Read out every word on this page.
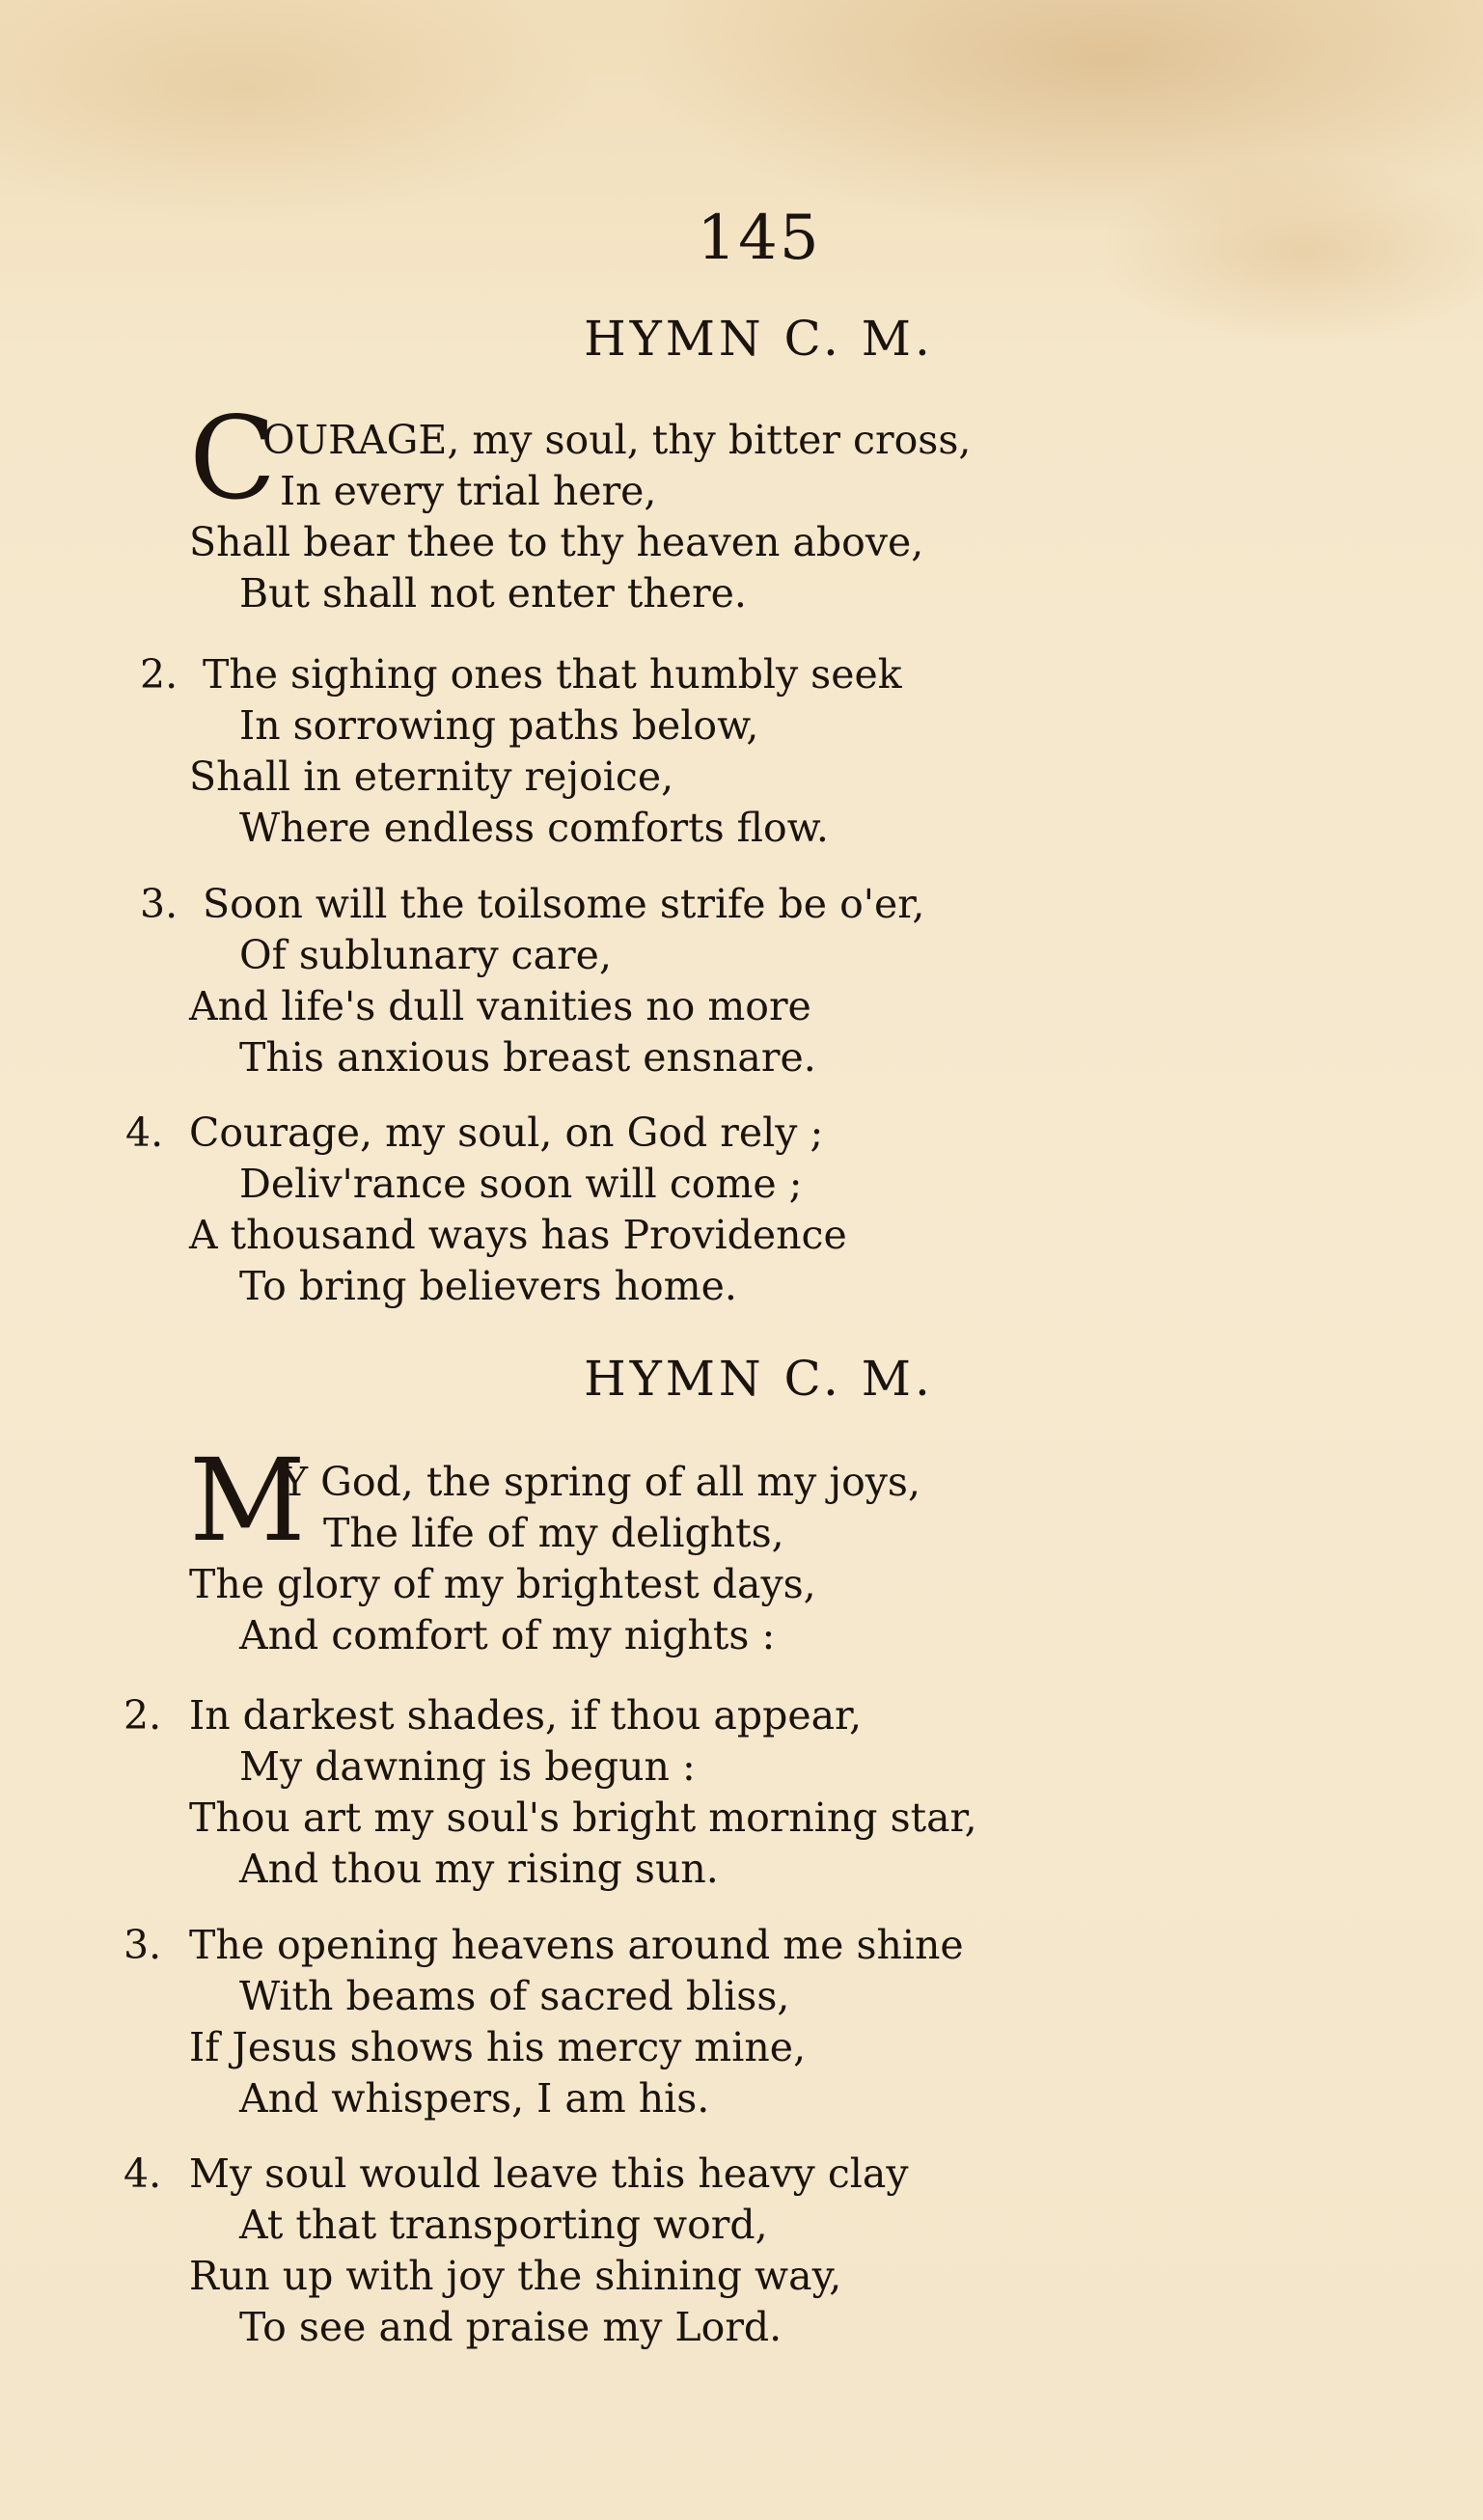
145
HYMN C. M.
C
OURAGE, my soul, thy bitter cross,
In every trial here,
Shall bear thee to thy heaven above,
But shall not enter there.
2. The sighing ones that humbly seek
In sorrowing paths below,
Shall in eternity rejoice,
Where endless comforts flow.
3. Soon will the toilsome strife be o'er,
Of sublunary care,
And life's dull vanities no more
This anxious breast ensnare.
4. Courage, my soul, on God rely ;
Deliv'rance soon will come ;
A thousand ways has Providence
To bring believers home.
HYMN C. M.
M
Y God, the spring of all my joys,
The life of my delights,
The glory of my brightest days,
And comfort of my nights :
2. In darkest shades, if thou appear,
My dawning is begun :
Thou art my soul's bright morning star,
And thou my rising sun.
3. The opening heavens around me shine
With beams of sacred bliss,
If Jesus shows his mercy mine,
And whispers, I am his.
4. My soul would leave this heavy clay
At that transporting word,
Run up with joy the shining way,
To see and praise my Lord.
